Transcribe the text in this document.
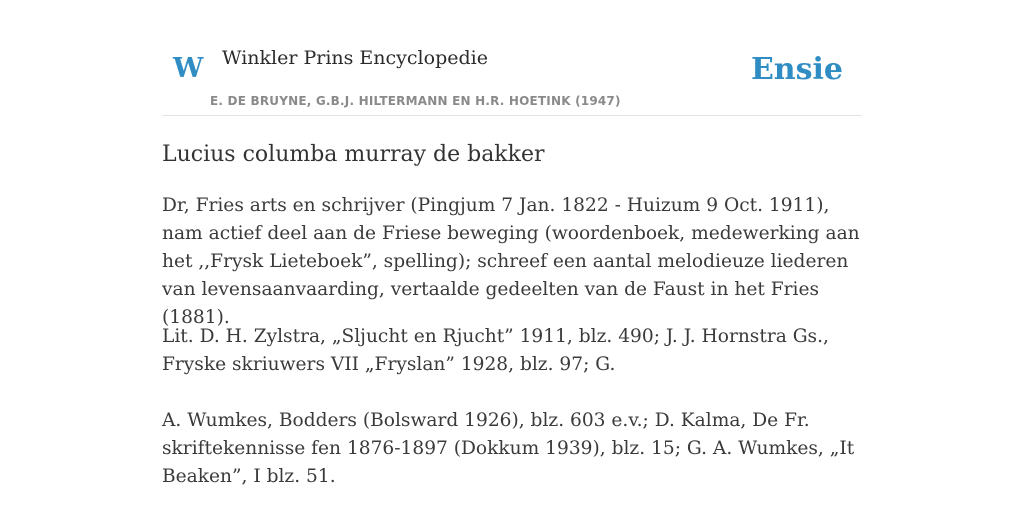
W Winkler Prins Encyclopedie
E. DE BRUYNE, G.B.J. HILTERMANN EN H.R. HOETINK (1947)
Ensie
Lucius columba murray de bakker

Dr, Fries arts en schrijver (Pingjum 7 Jan. 1822 - Huizum 9 Oct. 1911), nam actief deel aan de Friese beweging (woordenboek, medewerking aan het ,,Frysk Lieteboek”, spelling); schreef een aantal melodieuze liederen van levensaanvaarding, vertaalde gedeelten van de Faust in het Fries (1881).

Lit. D. H. Zylstra, „Sljucht en Rjucht” 1911, blz. 490; J. J. Hornstra Gs., Fryske skriuwers VII „Fryslan” 1928, blz. 97; G.

A. Wumkes, Bodders (Bolsward 1926), blz. 603 e.v.; D. Kalma, De Fr. skriftekennisse fen 1876-1897 (Dokkum 1939), blz. 15; G. A. Wumkes, „It Beaken”, I blz. 51.
